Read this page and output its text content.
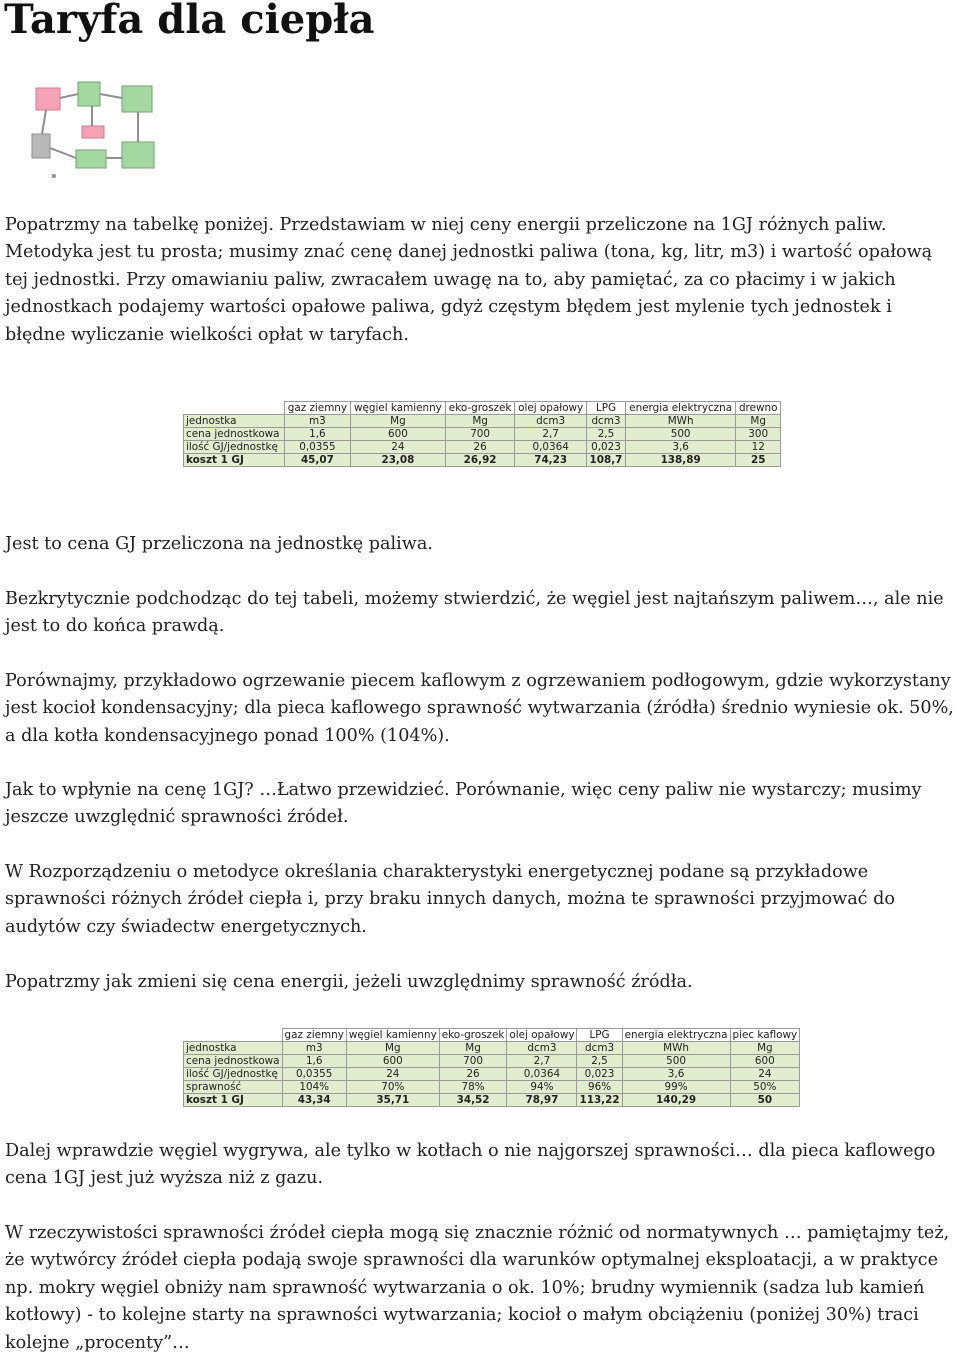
Taryfa dla ciepła

Popatrzmy na tabelkę poniżej. Przedstawiam w niej ceny energii przeliczone na 1GJ różnych paliw. Metodyka jest tu prosta; musimy znać cenę danej jednostki paliwa (tona, kg, litr, m3) i wartość opałową tej jednostki. Przy omawianiu paliw, zwracałem uwagę na to, aby pamiętać, za co płacimy i w jakich jednostkach podajemy wartości opałowe paliwa, gdyż częstym błędem jest mylenie tych jednostek i błędne wyliczanie wielkości opłat w taryfach.

	gaz ziemny	węgiel kamienny	eko-groszek	olej opałowy	LPG	energia elektryczna	drewno
jednostka	m3	Mg	Mg	dcm3	dcm3	MWh	Mg
cena jednostkowa	1,6	600	700	2,7	2,5	500	300
ilość GJ/jednostkę	0,0355	24	26	0,0364	0,023	3,6	12
koszt 1 GJ	45,07	23,08	26,92	74,23	108,7	138,89	25

Jest to cena GJ przeliczona na jednostkę paliwa.

Bezkrytycznie podchodząc do tej tabeli, możemy stwierdzić, że węgiel jest najtańszym paliwem…, ale nie jest to do końca prawdą.

Porównajmy, przykładowo ogrzewanie piecem kaflowym z ogrzewaniem podłogowym, gdzie wykorzystany jest kocioł kondensacyjny; dla pieca kaflowego sprawność wytwarzania (źródła) średnio wyniesie ok. 50%, a dla kotła kondensacyjnego ponad 100% (104%).

Jak to wpłynie na cenę 1GJ? …Łatwo przewidzieć. Porównanie, więc ceny paliw nie wystarczy; musimy jeszcze uwzględnić sprawności źródeł.

W Rozporządzeniu o metodyce określania charakterystyki energetycznej podane są przykładowe sprawności różnych źródeł ciepła i, przy braku innych danych, można te sprawności przyjmować do audytów czy świadectw energetycznych.

Popatrzmy jak zmieni się cena energii, jeżeli uwzględnimy sprawność źródła.

	gaz ziemny	węgiel kamienny	eko-groszek	olej opałowy	LPG	energia elektryczna	piec kaflowy
jednostka	m3	Mg	Mg	dcm3	dcm3	MWh	Mg
cena jednostkowa	1,6	600	700	2,7	2,5	500	600
ilość GJ/jednostkę	0,0355	24	26	0,0364	0,023	3,6	24
sprawność	104%	70%	78%	94%	96%	99%	50%
koszt 1 GJ	43,34	35,71	34,52	78,97	113,22	140,29	50

Dalej wprawdzie węgiel wygrywa, ale tylko w kotłach o nie najgorszej sprawności… dla pieca kaflowego cena 1GJ jest już wyższa niż z gazu.

W rzeczywistości sprawności źródeł ciepła mogą się znacznie różnić od normatywnych … pamiętajmy też, że wytwórcy źródeł ciepła podają swoje sprawności dla warunków optymalnej eksploatacji, a w praktyce np. mokry węgiel obniży nam sprawność wytwarzania o ok. 10%; brudny wymiennik (sadza lub kamień kotłowy) - to kolejne starty na sprawności wytwarzania; kocioł o małym obciążeniu (poniżej 30%) traci kolejne „procenty”…
